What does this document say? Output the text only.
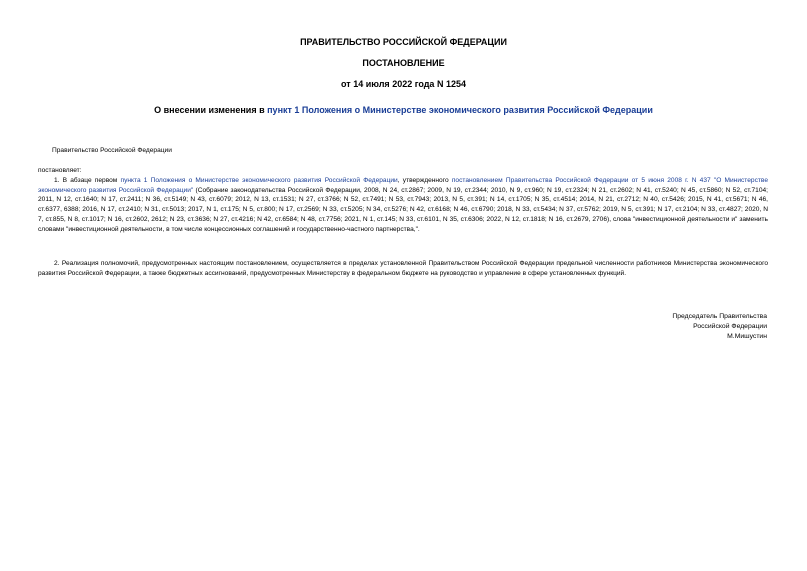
ПРАВИТЕЛЬСТВО РОССИЙСКОЙ ФЕДЕРАЦИИ
ПОСТАНОВЛЕНИЕ
от 14 июля 2022 года N 1254
О внесении изменения в пункт 1 Положения о Министерстве экономического развития Российской Федерации
Правительство Российской Федерации
постановляет:
1. В абзаце первом пункта 1 Положения о Министерстве экономического развития Российской Федерации, утвержденного постановлением Правительства Российской Федерации от 5 июня 2008 г. N 437 "О Министерстве экономического развития Российской Федерации" (Собрание законодательства Российской Федерации, 2008, N 24, ст.2867; 2009, N 19, ст.2344; 2010, N 9, ст.960; N 19, ст.2324; N 21, ст.2602; N 41, ст.5240; N 45, ст.5860; N 52, ст.7104; 2011, N 12, ст.1640; N 17, ст.2411; N 36, ст.5149; N 43, ст.6079; 2012, N 13, ст.1531; N 27, ст.3766; N 52, ст.7491; N 53, ст.7943; 2013, N 5, ст.391; N 14, ст.1705; N 35, ст.4514; 2014, N 21, ст.2712; N 40, ст.5426; 2015, N 41, ст.5671; N 46, ст.6377, 6388; 2016, N 17, ст.2410; N 31, ст.5013; 2017, N 1, ст.175; N 5, ст.800; N 17, ст.2569; N 33, ст.5205; N 34, ст.5276; N 42, ст.6168; N 46, ст.6790; 2018, N 33, ст.5434; N 37, ст.5762; 2019, N 5, ст.391; N 17, ст.2104; N 33, ст.4827; 2020, N 7, ст.855, N 8, ст.1017; N 16, ст.2602, 2612; N 23, ст.3636; N 27, ст.4216; N 42, ст.6584; N 48, ст.7756; 2021, N 1, ст.145; N 33, ст.6101, N 35, ст.6306; 2022, N 12, ст.1818; N 16, ст.2679, 2706), слова "инвестиционной деятельности и" заменить словами "инвестиционной деятельности, в том числе концессионных соглашений и государственно-частного партнерства,".
2. Реализация полномочий, предусмотренных настоящим постановлением, осуществляется в пределах установленной Правительством Российской Федерации предельной численности работников Министерства экономического развития Российской Федерации, а также бюджетных ассигнований, предусмотренных Министерству в федеральном бюджете на руководство и управление в сфере установленных функций.
Председатель Правительства
Российской Федерации
М.Мишустин
